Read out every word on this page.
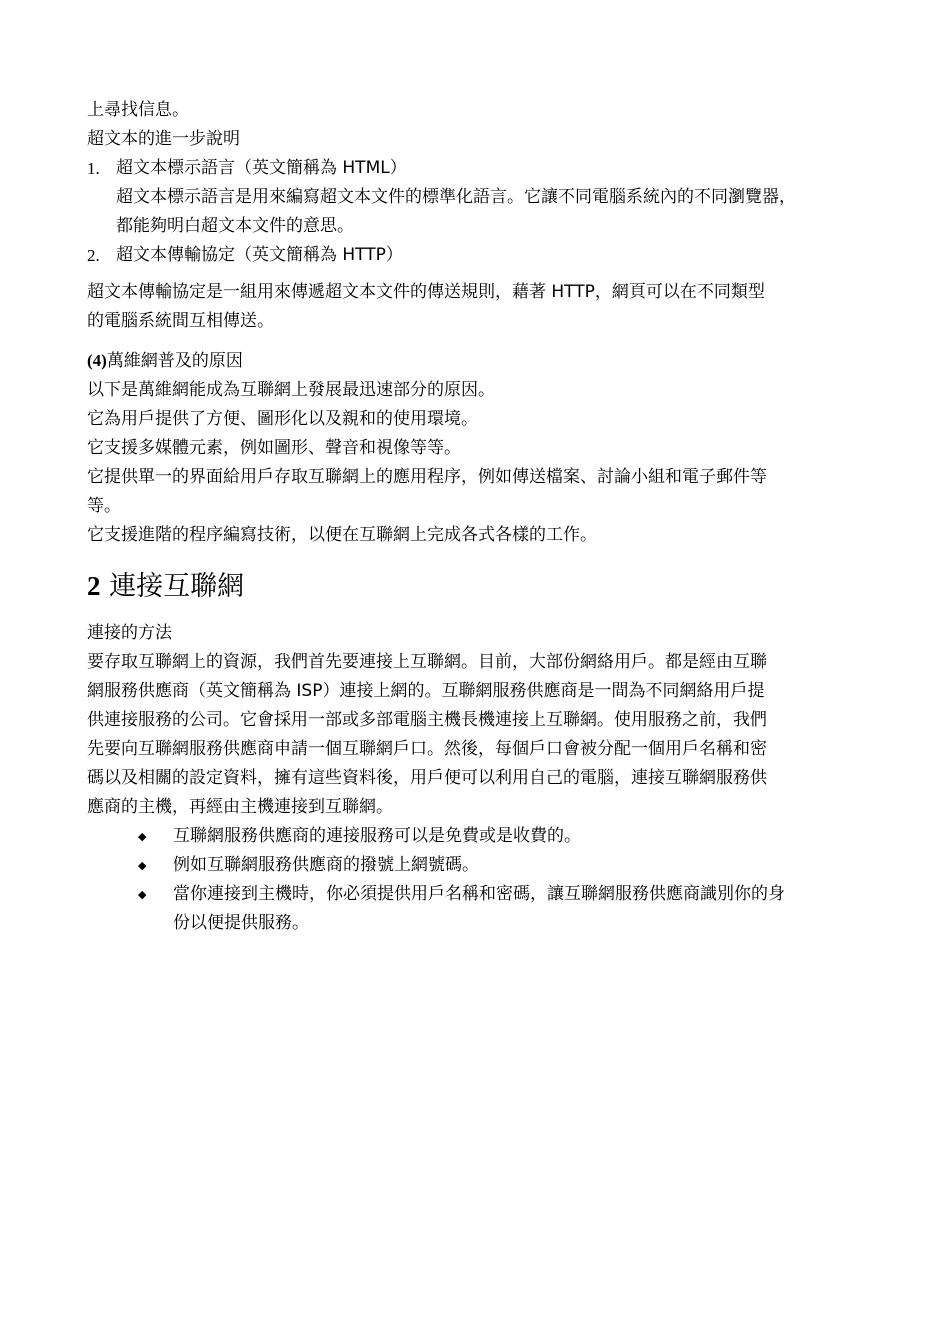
上尋找信息。

超文本的進一步說明

1. 超文本標示語言（英文簡稱為 HTML）

超文本標示語言是用來編寫超文本文件的標準化語言。它讓不同電腦系統內的不同瀏覽器，

都能夠明白超文本文件的意思。

2. 超文本傳輸協定（英文簡稱為 HTTP）

超文本傳輸協定是一組用來傳遞超文本文件的傳送規則，藉著 HTTP，網頁可以在不同類型

的電腦系統間互相傳送。

(4)萬維網普及的原因

以下是萬維網能成為互聯網上發展最迅速部分的原因。

它為用戶提供了方便、圖形化以及親和的使用環境。

它支援多媒體元素，例如圖形、聲音和視像等等。

它提供單一的界面給用戶存取互聯網上的應用程序，例如傳送檔案、討論小組和電子郵件等

等。

它支援進階的程序編寫技術，以便在互聯網上完成各式各樣的工作。

2 連接互聯網

連接的方法

要存取互聯網上的資源，我們首先要連接上互聯網。目前，大部份網絡用戶。都是經由互聯

網服務供應商（英文簡稱為 ISP）連接上網的。互聯網服務供應商是一間為不同網絡用戶提

供連接服務的公司。它會採用一部或多部電腦主機長機連接上互聯網。使用服務之前，我們

先要向互聯網服務供應商申請一個互聯網戶口。然後，每個戶口會被分配一個用戶名稱和密

碼以及相關的設定資料，擁有這些資料後，用戶便可以利用自己的電腦，連接互聯網服務供

應商的主機，再經由主機連接到互聯網。

◆ 互聯網服務供應商的連接服務可以是免費或是收費的。

◆ 例如互聯網服務供應商的撥號上網號碼。

◆ 當你連接到主機時，你必須提供用戶名稱和密碼，讓互聯網服務供應商識別你的身

份以便提供服務。
